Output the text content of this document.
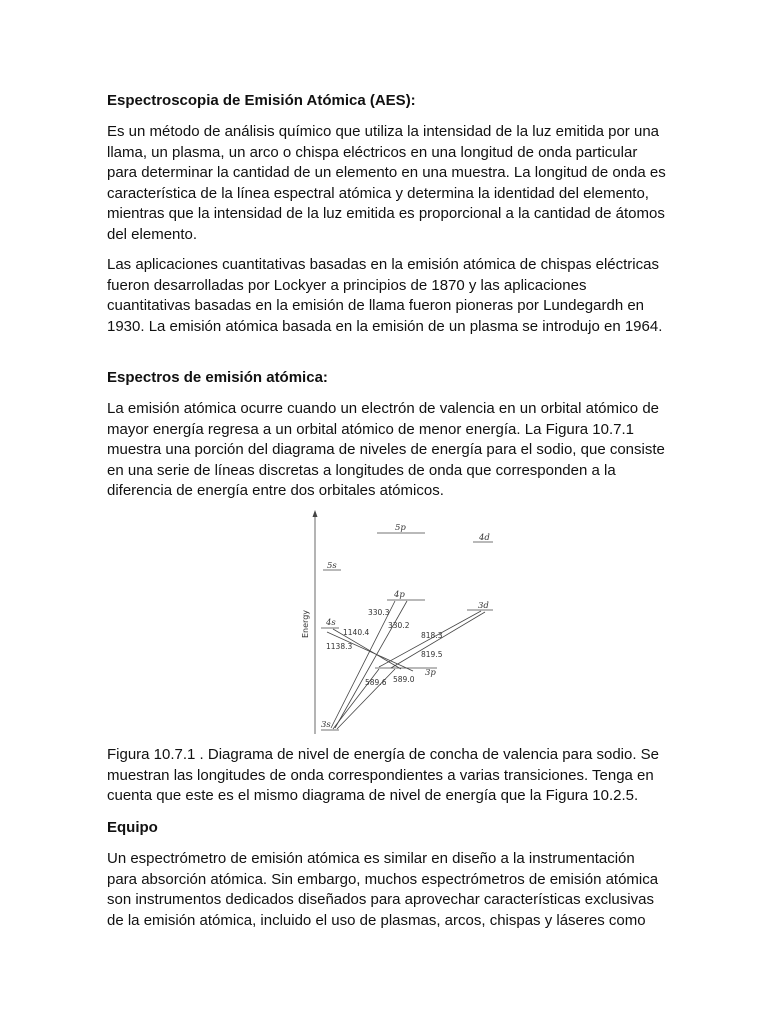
Espectroscopia de Emisión Atómica (AES):

Es un método de análisis químico que utiliza la intensidad de la luz emitida por una llama, un plasma, un arco o chispa eléctricos en una longitud de onda particular para determinar la cantidad de un elemento en una muestra. La longitud de onda es característica de la línea espectral atómica y determina la identidad del elemento, mientras que la intensidad de la luz emitida es proporcional a la cantidad de átomos del elemento.

Las aplicaciones cuantitativas basadas en la emisión atómica de chispas eléctricas fueron desarrolladas por Lockyer a principios de 1870 y las aplicaciones cuantitativas basadas en la emisión de llama fueron pioneras por Lundegardh en 1930. La emisión atómica basada en la emisión de un plasma se introdujo en 1964.

Espectros de emisión atómica:

La emisión atómica ocurre cuando un electrón de valencia en un orbital atómico de mayor energía regresa a un orbital atómico de menor energía. La Figura 10.7.1 muestra una porción del diagrama de niveles de energía para el sodio, que consiste en una serie de líneas discretas a longitudes de onda que corresponden a la diferencia de energía entre dos orbitales atómicos.

Energy
5p
4d
5s
4p
3d
4s
3p
3s
1140.4
1138.3
330.3
330.2
818.3
819.5
589.6 589.0

Figura 10.7.1 . Diagrama de nivel de energía de concha de valencia para sodio. Se muestran las longitudes de onda correspondientes a varias transiciones. Tenga en cuenta que este es el mismo diagrama de nivel de energía que la Figura 10.2.5.

Equipo

Un espectrómetro de emisión atómica es similar en diseño a la instrumentación para absorción atómica. Sin embargo, muchos espectrómetros de emisión atómica son instrumentos dedicados diseñados para aprovechar características exclusivas de la emisión atómica, incluido el uso de plasmas, arcos, chispas y láseres como
